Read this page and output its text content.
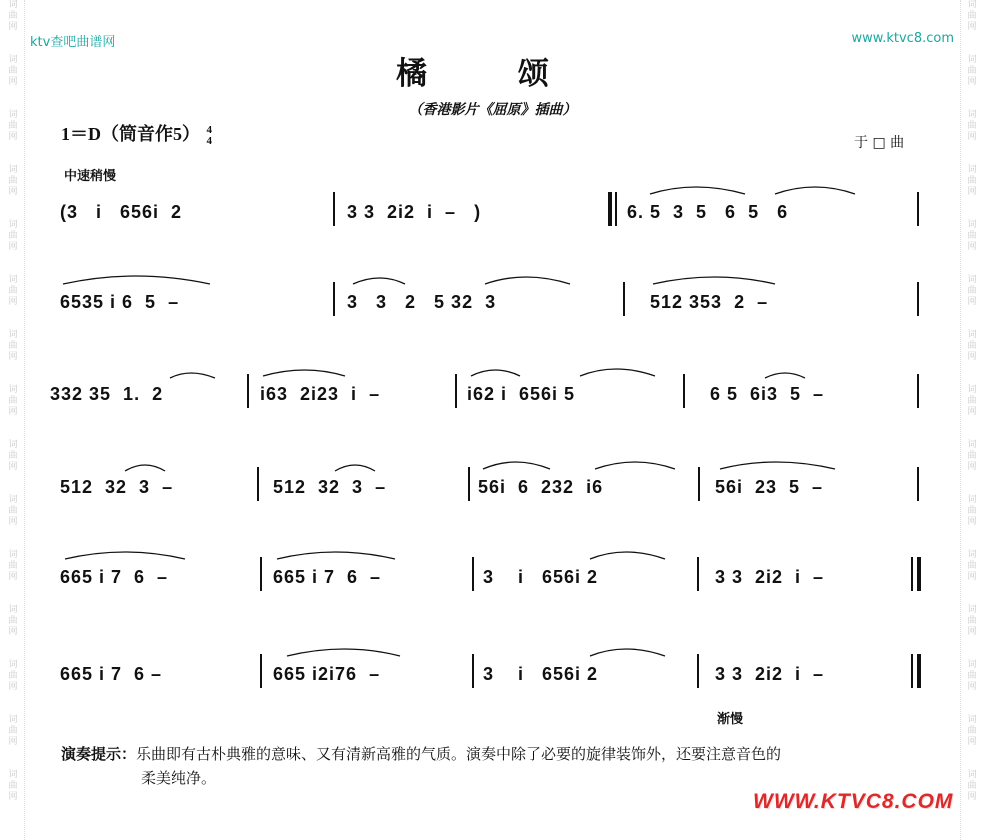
词
曲
网

词
曲
网

词
曲
网

词
曲
网

词
曲
网

词
曲
网

词
曲
网

词
曲
网

词
曲
网

词
曲
网

词
曲
网

词
曲
网

词
曲
网

词
曲
网

词
曲
网
词
曲
网

词
曲
网

词
曲
网

词
曲
网

词
曲
网

词
曲
网

词
曲
网

词
曲
网

词
曲
网

词
曲
网

词
曲
网

词
曲
网

词
曲
网

词
曲
网

词
曲
网
ktv查吧曲谱网	www.ktvc8.com
橘 颂
（香港影片《屈原》插曲）
1＝D（筒音作5） 4
4	于 □ 曲
中速稍慢
(3   i   656i  2	3 3  2i2  i  –   )	6. 5  3  5   6  5   6
6535 i 6  5  –	3   3   2   5 32  3	512 353  2  –
332 35  1.  2	i63  2i23  i  –	i62 i  656i 5	6 5  6i3  5  –
512  32  3  –	512  32  3  –	56i  6  232  i6	56i  23  5  –
665 i 7  6  –	665 i 7  6  –	3    i   656i 2	3 3  2i2  i  –
665 i 7  6 –	665 i2i76  –	3    i   656i 2	3 3  2i2  i  –
渐慢
演奏提示：乐曲即有古朴典雅的意味、又有清新高雅的气质。演奏中除了必要的旋律装饰外，还要注意音色的
柔美纯净。
WWW.KTVC8.COM
